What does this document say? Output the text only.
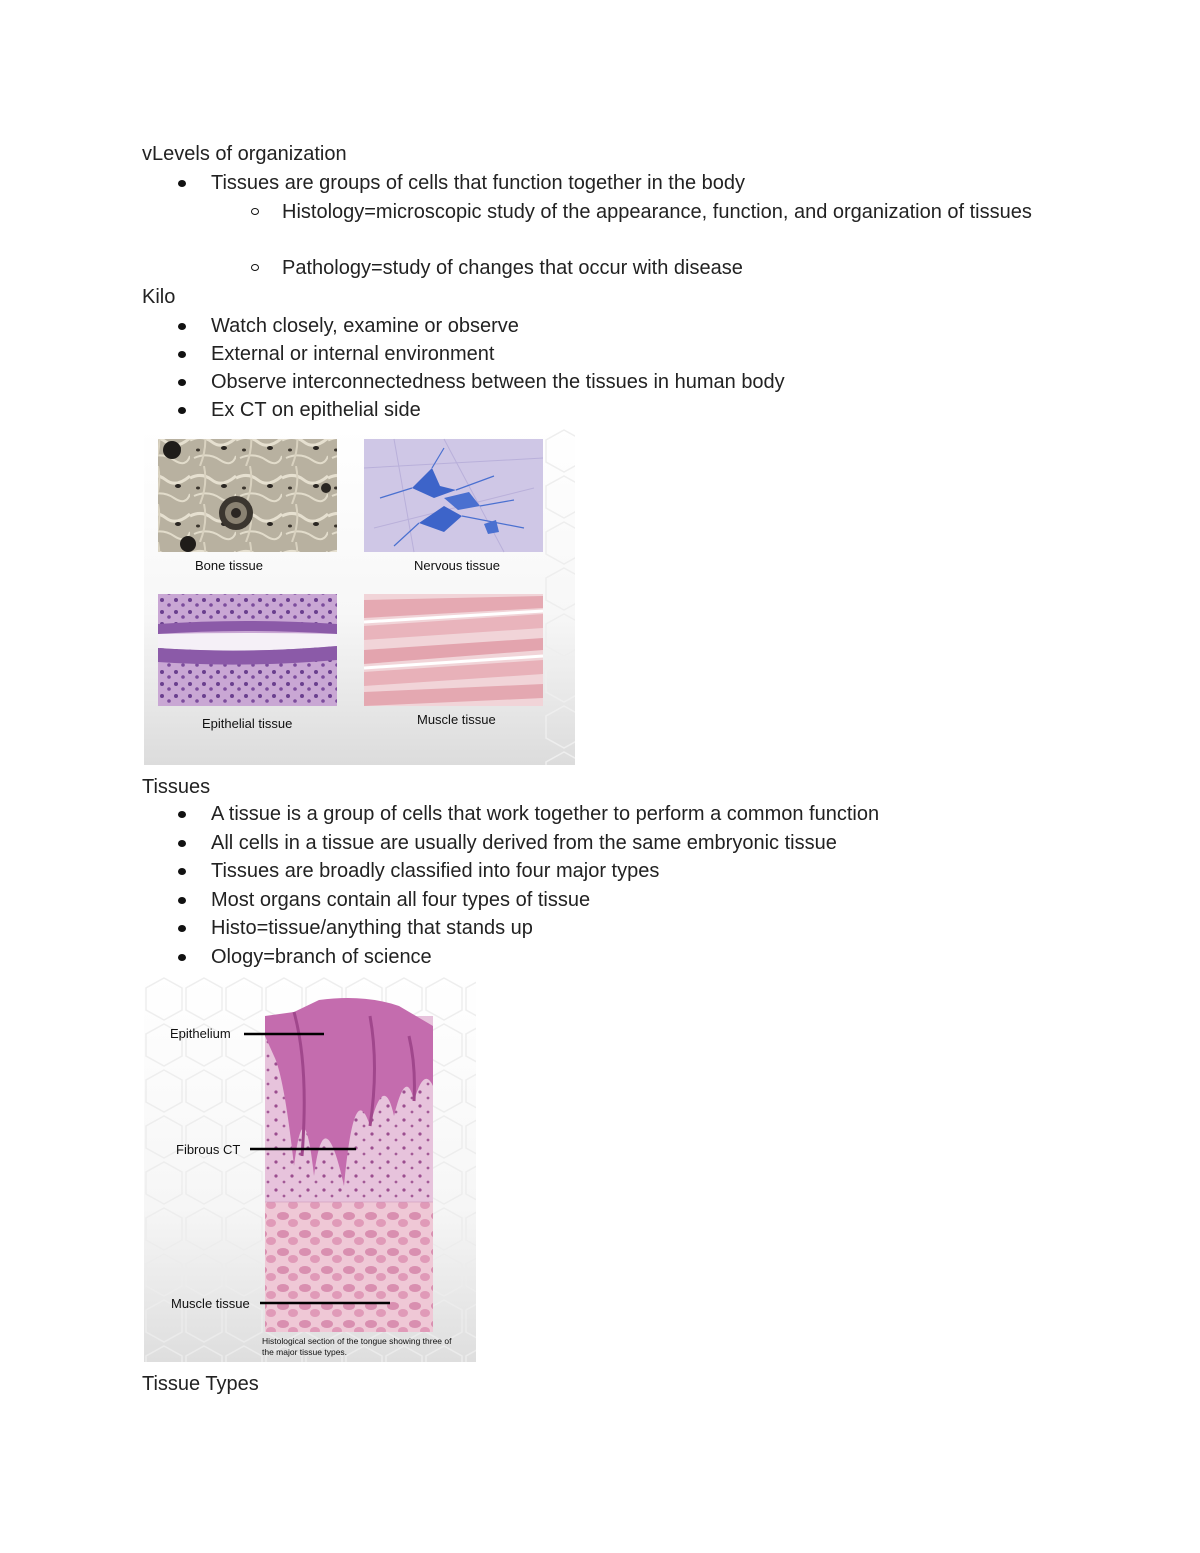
vLevels of organization
Tissues are groups of cells that function together in the body
Histology=microscopic study of the appearance, function, and organization of tissues
Pathology=study of changes that occur with disease
Kilo
Watch closely, examine or observe
External or internal environment
Observe interconnectedness between the tissues in human body
Ex CT on epithelial side
Bone tissue	Nervous tissue
Epithelial tissue	Muscle tissue
Tissues
A tissue is a group of cells that work together to perform a common function
All cells in a tissue are usually derived from the same embryonic tissue
Tissues are broadly classified into four major types
Most organs contain all four types of tissue
Histo=tissue/anything that stands up
Ology=branch of science
Epithelium
Fibrous CT
Muscle tissue
Histological section of the tongue showing three of the major tissue types.
Tissue Types
